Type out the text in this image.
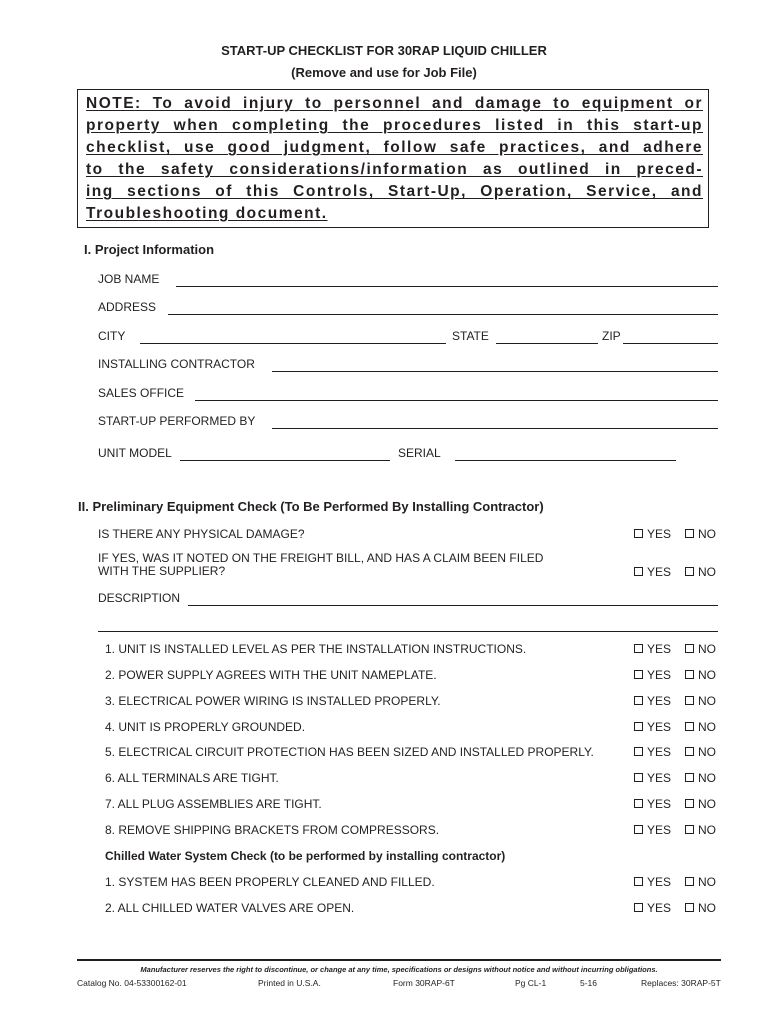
START-UP CHECKLIST FOR 30RAP LIQUID CHILLER
(Remove and use for Job File)
NOTE: To avoid injury to personnel and damage to equipment or
property when completing the procedures listed in this start-up
checklist, use good judgment, follow safe practices, and adhere
to the safety considerations/information as outlined in preced-
ing sections of this Controls, Start-Up, Operation, Service, and
Troubleshooting document.
I. Project Information
JOB NAME
ADDRESS
CITY	STATE	ZIP
INSTALLING CONTRACTOR
SALES OFFICE
START-UP PERFORMED BY
UNIT MODEL	SERIAL
II. Preliminary Equipment Check (To Be Performed By Installing Contractor)
IS THERE ANY PHYSICAL DAMAGE?	YES	NO
IF YES, WAS IT NOTED ON THE FREIGHT BILL, AND HAS A CLAIM BEEN FILED
WITH THE SUPPLIER?	YES	NO
DESCRIPTION
1. UNIT IS INSTALLED LEVEL AS PER THE INSTALLATION INSTRUCTIONS.	YES	NO
2. POWER SUPPLY AGREES WITH THE UNIT NAMEPLATE.	YES	NO
3. ELECTRICAL POWER WIRING IS INSTALLED PROPERLY.	YES	NO
4. UNIT IS PROPERLY GROUNDED.	YES	NO
5. ELECTRICAL CIRCUIT PROTECTION HAS BEEN SIZED AND INSTALLED PROPERLY.	YES	NO
6. ALL TERMINALS ARE TIGHT.	YES	NO
7. ALL PLUG ASSEMBLIES ARE TIGHT.	YES	NO
8. REMOVE SHIPPING BRACKETS FROM COMPRESSORS.	YES	NO
Chilled Water System Check (to be performed by installing contractor)
1. SYSTEM HAS BEEN PROPERLY CLEANED AND FILLED.	YES	NO
2. ALL CHILLED WATER VALVES ARE OPEN.	YES	NO
Manufacturer reserves the right to discontinue, or change at any time, specifications or designs without notice and without incurring obligations.
Catalog No. 04-53300162-01	Printed in U.S.A.	Form 30RAP-6T	Pg CL-1	5-16	Replaces: 30RAP-5T
